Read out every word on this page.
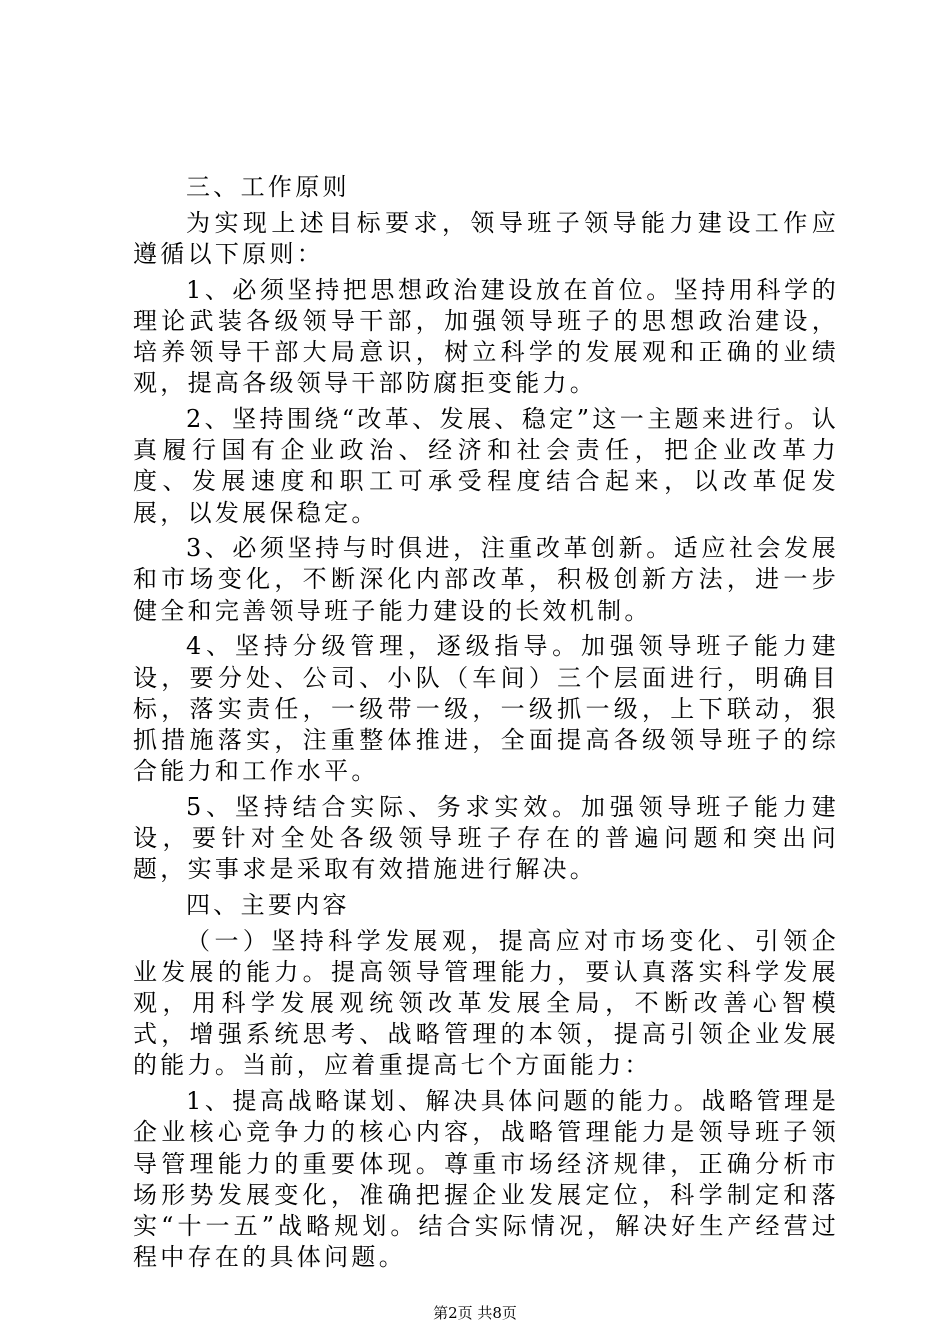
三、工作原则

为实现上述目标要求，领导班子领导能力建设工作应遵循以下原则：

1、必须坚持把思想政治建设放在首位。坚持用科学的理论武装各级领导干部，加强领导班子的思想政治建设，培养领导干部大局意识，树立科学的发展观和正确的业绩观，提高各级领导干部防腐拒变能力。

2、坚持围绕“改革、发展、稳定”这一主题来进行。认真履行国有企业政治、经济和社会责任，把企业改革力度、发展速度和职工可承受程度结合起来，以改革促发展，以发展保稳定。

3、必须坚持与时俱进，注重改革创新。适应社会发展和市场变化，不断深化内部改革，积极创新方法，进一步健全和完善领导班子能力建设的长效机制。

4、坚持分级管理，逐级指导。加强领导班子能力建设，要分处、公司、小队（车间）三个层面进行，明确目标，落实责任，一级带一级，一级抓一级，上下联动，狠抓措施落实，注重整体推进，全面提高各级领导班子的综合能力和工作水平。

5、坚持结合实际、务求实效。加强领导班子能力建设，要针对全处各级领导班子存在的普遍问题和突出问题，实事求是采取有效措施进行解决。

四、主要内容

（一）坚持科学发展观，提高应对市场变化、引领企业发展的能力。提高领导管理能力，要认真落实科学发展观，用科学发展观统领改革发展全局，不断改善心智模式，增强系统思考、战略管理的本领，提高引领企业发展的能力。当前，应着重提高七个方面能力：

1、提高战略谋划、解决具体问题的能力。战略管理是企业核心竞争力的核心内容，战略管理能力是领导班子领导管理能力的重要体现。尊重市场经济规律，正确分析市场形势发展变化，准确把握企业发展定位，科学制定和落实“十一五”战略规划。结合实际情况，解决好生产经营过程中存在的具体问题。

第2页 共8页
